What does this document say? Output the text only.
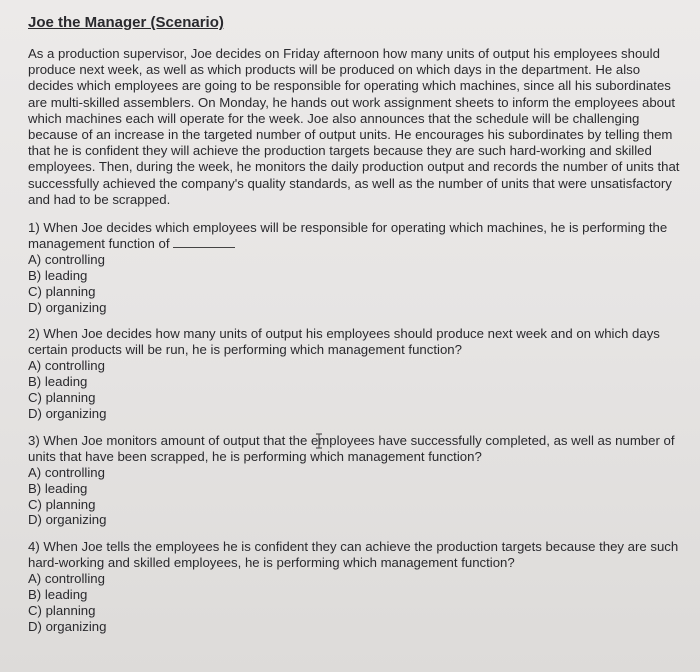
Joe the Manager (Scenario)

As a production supervisor, Joe decides on Friday afternoon how many units of output his employees should produce next week, as well as which products will be produced on which days in the department. He also decides which employees are going to be responsible for operating which machines, since all his subordinates are multi-skilled assemblers. On Monday, he hands out work assignment sheets to inform the employees about which machines each will operate for the week. Joe also announces that the schedule will be challenging because of an increase in the targeted number of output units. He encourages his subordinates by telling them that he is confident they will achieve the production targets because they are such hard-working and skilled employees. Then, during the week, he monitors the daily production output and records the number of units that successfully achieved the company's quality standards, as well as the number of units that were unsatisfactory and had to be scrapped.

1) When Joe decides which employees will be responsible for operating which machines, he is performing the management function of

A) controlling
B) leading
C) planning
D) organizing

2) When Joe decides how many units of output his employees should produce next week and on which days certain products will be run, he is performing which management function?

A) controlling
B) leading
C) planning
D) organizing

3) When Joe monitors amount of output that the employees have successfully completed, as well as number of units that have been scrapped, he is performing which management function?

A) controlling
B) leading
C) planning
D) organizing

4) When Joe tells the employees he is confident they can achieve the production targets because they are such hard-working and skilled employees, he is performing which management function?

A) controlling
B) leading
C) planning
D) organizing
